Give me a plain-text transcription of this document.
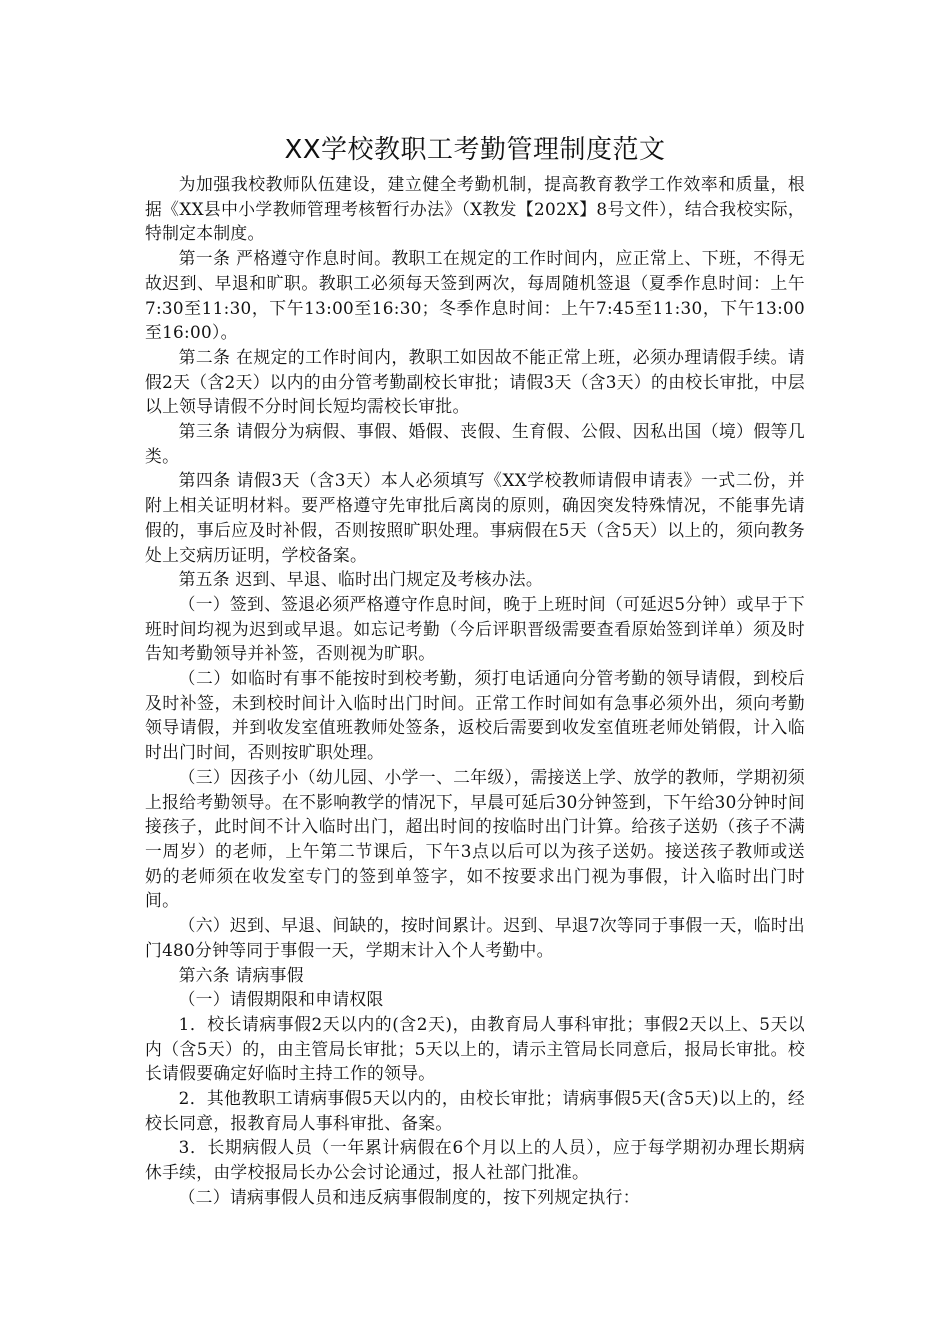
XX学校教职工考勤管理制度范文

为加强我校教师队伍建设，建立健全考勤机制，提高教育教学工作效率和质量，根据《XX县中小学教师管理考核暂行办法》（X教发【202X】8号文件），结合我校实际，特制定本制度。

第一条 严格遵守作息时间。教职工在规定的工作时间内，应正常上、下班，不得无故迟到、早退和旷职。教职工必须每天签到两次，每周随机签退（夏季作息时间：上午7:30至11:30，下午13:00至16:30；冬季作息时间：上午7:45至11:30，下午13:00至16:00）。

第二条 在规定的工作时间内，教职工如因故不能正常上班，必须办理请假手续。请假2天（含2天）以内的由分管考勤副校长审批；请假3天（含3天）的由校长审批，中层以上领导请假不分时间长短均需校长审批。

第三条 请假分为病假、事假、婚假、丧假、生育假、公假、因私出国（境）假等几类。

第四条 请假3天（含3天）本人必须填写《XX学校教师请假申请表》一式二份，并附上相关证明材料。要严格遵守先审批后离岗的原则，确因突发特殊情况，不能事先请假的，事后应及时补假，否则按照旷职处理。事病假在5天（含5天）以上的，须向教务处上交病历证明，学校备案。

第五条 迟到、早退、临时出门规定及考核办法。

（一）签到、签退必须严格遵守作息时间，晚于上班时间（可延迟5分钟）或早于下班时间均视为迟到或早退。如忘记考勤（今后评职晋级需要查看原始签到详单）须及时告知考勤领导并补签，否则视为旷职。

（二）如临时有事不能按时到校考勤，须打电话通向分管考勤的领导请假，到校后及时补签，未到校时间计入临时出门时间。正常工作时间如有急事必须外出，须向考勤领导请假，并到收发室值班教师处签条，返校后需要到收发室值班老师处销假，计入临时出门时间，否则按旷职处理。

（三）因孩子小（幼儿园、小学一、二年级），需接送上学、放学的教师，学期初须上报给考勤领导。在不影响教学的情况下，早晨可延后30分钟签到，下午给30分钟时间接孩子，此时间不计入临时出门，超出时间的按临时出门计算。给孩子送奶（孩子不满一周岁）的老师，上午第二节课后，下午3点以后可以为孩子送奶。接送孩子教师或送奶的老师须在收发室专门的签到单签字，如不按要求出门视为事假，计入临时出门时间。

（六）迟到、早退、间缺的，按时间累计。迟到、早退7次等同于事假一天，临时出门480分钟等同于事假一天，学期末计入个人考勤中。

第六条 请病事假

（一）请假期限和申请权限

1．校长请病事假2天以内的(含2天)，由教育局人事科审批；事假2天以上、5天以内（含5天）的，由主管局长审批；5天以上的，请示主管局长同意后，报局长审批。校长请假要确定好临时主持工作的领导。

2．其他教职工请病事假5天以内的，由校长审批；请病事假5天(含5天)以上的，经校长同意，报教育局人事科审批、备案。

3．长期病假人员（一年累计病假在6个月以上的人员），应于每学期初办理长期病休手续，由学校报局长办公会讨论通过，报人社部门批准。

（二）请病事假人员和违反病事假制度的，按下列规定执行：
